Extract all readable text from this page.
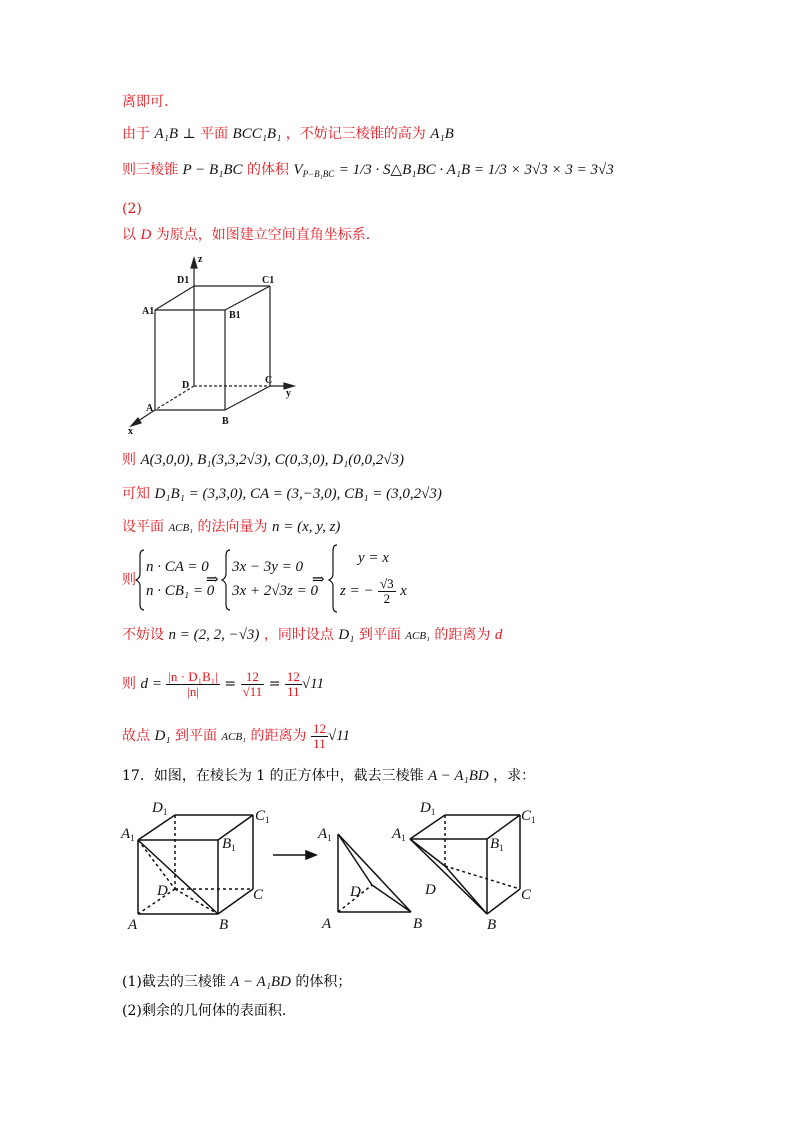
离即可.
由于 A₁B ⊥ 平面 BCC₁B₁ ，不妨记三棱锥的高为 A₁B
则三棱锥 P − B₁BC 的体积 $V_{P-B_1BC} = 1/3$ · S△B₁BC · A₁B = 1/3 × 3√3 × 3 = 3√3
(2)
以 D 为原点，如图建立空间直角坐标系.
z
D1	C1
A1	B1
D	C
y
A
B
x
则 A(3,0,0), B₁(3,3,2√3), C(0,3,0), D₁(0,0,2√3)
可知 D₁B₁ = (3,3,0), CA = (3,−3,0), CB₁ = (3,0,2√3)
设平面 ACB₁ 的法向量为 n = (x, y, z)
则
n · CA = 0
n · CB₁ = 0
⇒
3x − 3y = 0
3x + 2√3z = 0
⇒
y = x
z = − $\frac{√3}{2}$ x
不妨设 n = (2, 2, −√3) ，同时设点 D₁ 到平面 ACB₁ 的距离为 d
则 $d = \frac{\text{|n · D₁B₁|}}{|n|} = \frac{12}{√11} = \frac{12}{11} √11$
故点 D₁ 到平面 ACB₁ 的距离为 $\frac{12}{11} √11$
17．如图，在棱长为 1 的正方体中，截去三棱锥 A − A₁BD ，求：
$D_1$	$C_1$
$A_1$	$B_1$
D	C
A	B
$A_1$
D
A	B
$D_1$	$C_1$
$A_1$	$B_1$
D	C
B
(1)截去的三棱锥 A − A₁BD 的体积；
(2)剩余的几何体的表面积.
